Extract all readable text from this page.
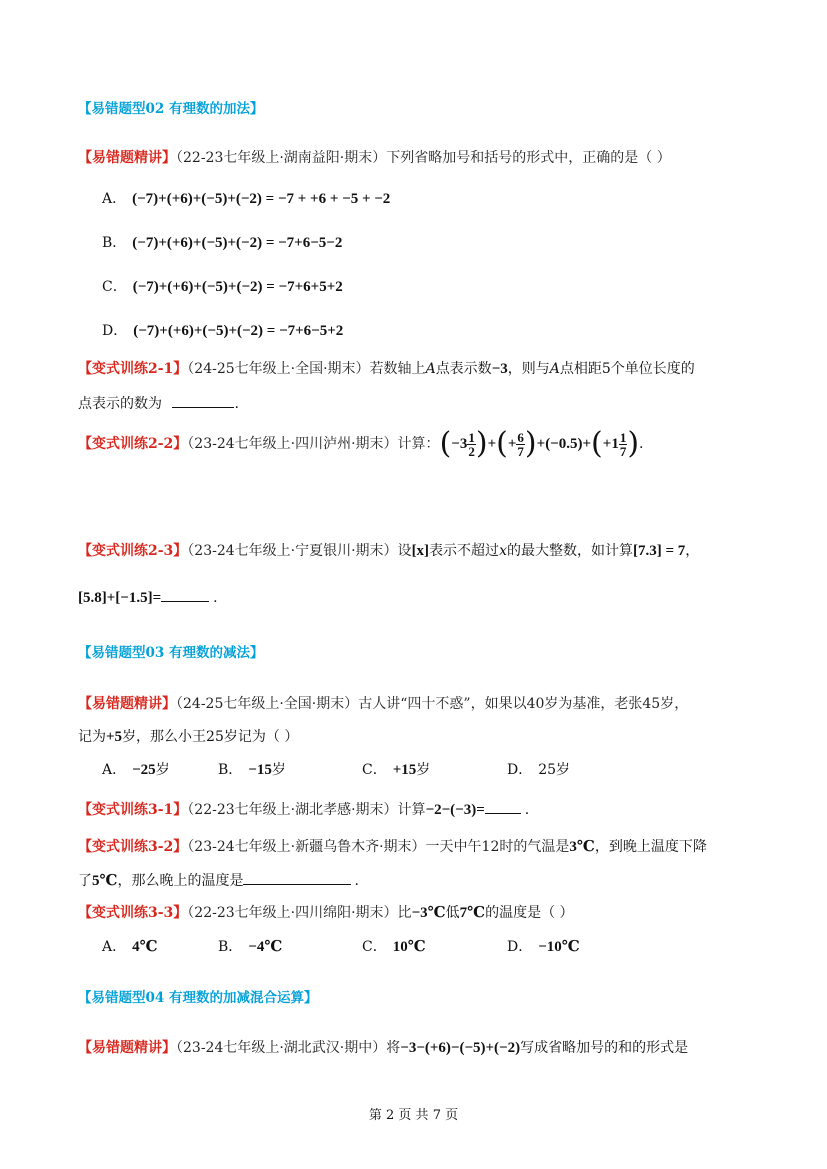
【易错题型02 有理数的加法】
【易错题精讲】（22-23七年级上·湖南益阳·期末）下列省略加号和括号的形式中，正确的是（ ）
A． (−7)+(+6)+(−5)+(−2) = −7 + +6 + −5 + −2
B． (−7)+(+6)+(−5)+(−2) = −7+6−5−2
C． (−7)+(+6)+(−5)+(−2) = −7+6+5+2
D． (−7)+(+6)+(−5)+(−2) = −7+6−5+2
【变式训练2-1】（24-25七年级上·全国·期末）若数轴上A点表示数−3，则与A点相距5个单位长度的
点表示的数为	.
【变式训练2-2】（23-24七年级上·四川泸州·期末）计算：($-3 \frac{1}{2}$ )+(+ $\frac{6}{7} )+(-0.5)+(+1 \frac{1}{7}$ ).
【变式训练2-3】（23-24七年级上·宁夏银川·期末）设[x]表示不超过x的最大整数，如计算[7.3] = 7，
[5.8]+[−1.5]=	.
【易错题型03 有理数的减法】
【易错题精讲】（24-25七年级上·全国·期末）古人讲“四十不惑”，如果以40岁为基准，老张45岁，
记为+5岁，那么小王25岁记为（ ）
A． −25岁	B． −15岁	C． +15岁	D． 25岁
【变式训练3-1】（22-23七年级上·湖北孝感·期末）计算−2−(−3)=	.
【变式训练3-2】（23-24七年级上·新疆乌鲁木齐·期末）一天中午12时的气温是3℃，到晚上温度下降
了5℃，那么晚上的温度是	.
【变式训练3-3】（22-23七年级上·四川绵阳·期末）比−3℃低7℃的温度是（ ）
A． 4℃	B． −4℃	C． 10℃	D． −10℃
【易错题型04 有理数的加减混合运算】
【易错题精讲】（23-24七年级上·湖北武汉·期中）将−3−(+6)−(−5)+(−2)写成省略加号的和的形式是
第 2 页 共 7 页
